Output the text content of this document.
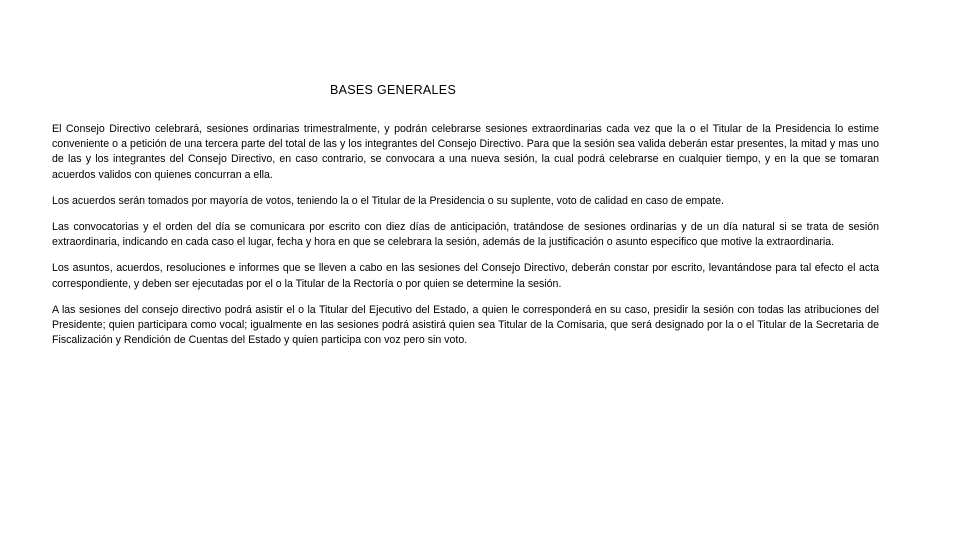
BASES GENERALES

El Consejo Directivo celebrará, sesiones ordinarias trimestralmente, y podrán celebrarse sesiones extraordinarias cada vez que la o el Titular de la Presidencia lo estime conveniente o a petición de una tercera parte del total de las y los integrantes del Consejo Directivo. Para que la sesión sea valida deberán estar presentes, la mitad y mas uno de las y los integrantes del Consejo Directivo, en caso contrario, se convocara a una nueva sesión, la cual podrá celebrarse en cualquier tiempo, y en la que se tomaran acuerdos validos con quienes concurran a ella.

Los acuerdos serán tomados por mayoría de votos, teniendo la o el Titular de la Presidencia o su suplente, voto de calidad en caso de empate.

Las convocatorias y el orden del día se comunicara por escrito con diez días de anticipación, tratándose de sesiones ordinarias y de un día natural si se trata de sesión extraordinaria, indicando en cada caso el lugar, fecha y hora en que se celebrara la sesión, además de la justificación o asunto especifico que motive la extraordinaria.

Los asuntos, acuerdos, resoluciones e informes que se lleven a cabo en las sesiones del Consejo Directivo, deberán constar por escrito, levantándose para tal efecto el acta correspondiente, y deben ser ejecutadas por el o la Titular de la Rectoría o por quien se determine la sesión.

A las sesiones del consejo directivo podrá asistir el o la Titular del Ejecutivo del Estado, a quien le corresponderá en su caso, presidir la sesión con todas las atribuciones del Presidente; quien participara como vocal; igualmente en las sesiones podrá asistirá quien sea Titular de la Comisaria, que será designado por la o el Titular de la Secretaria de Fiscalización y Rendición de Cuentas del Estado y quien participa con voz pero sin voto.
